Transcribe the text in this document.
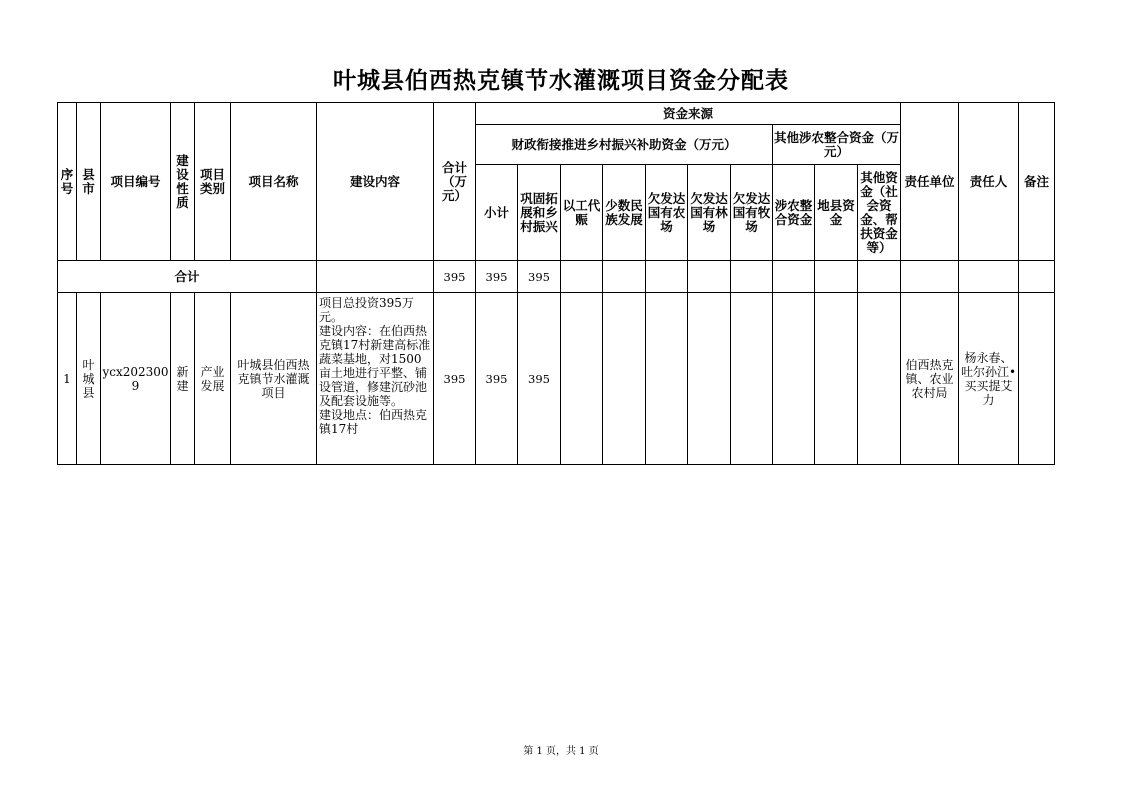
叶城县伯西热克镇节水灌溉项目资金分配表
序号	县市	项目编号	建设性质	项目类别	项目名称	建设内容	合计（万元）	资金来源										责任单位	责任人	备注
								财政衔接推进乡村振兴补助资金（万元）							其他涉农整合资金（万元）					
								小计	巩固拓展和乡村振兴	以工代赈	少数民族发展	欠发达国有农场	欠发达国有林场	欠发达国有牧场	涉农整合资金	地县资金	其他资金（社会资金、帮扶资金等）			
合计							395	395	395											
1	叶城县	ycx2023009	新建	产业发展	叶城县伯西热克镇节水灌溉项目	项目总投资395万元。
建设内容：在伯西热克镇17村新建高标准蔬菜基地，对1500亩土地进行平整、铺设管道，修建沉砂池及配套设施等。
建设地点：伯西热克镇17村	395	395	395									伯西热克镇、农业农村局	杨永春、吐尔孙江•买买提艾力	
第 1 页，共 1 页
